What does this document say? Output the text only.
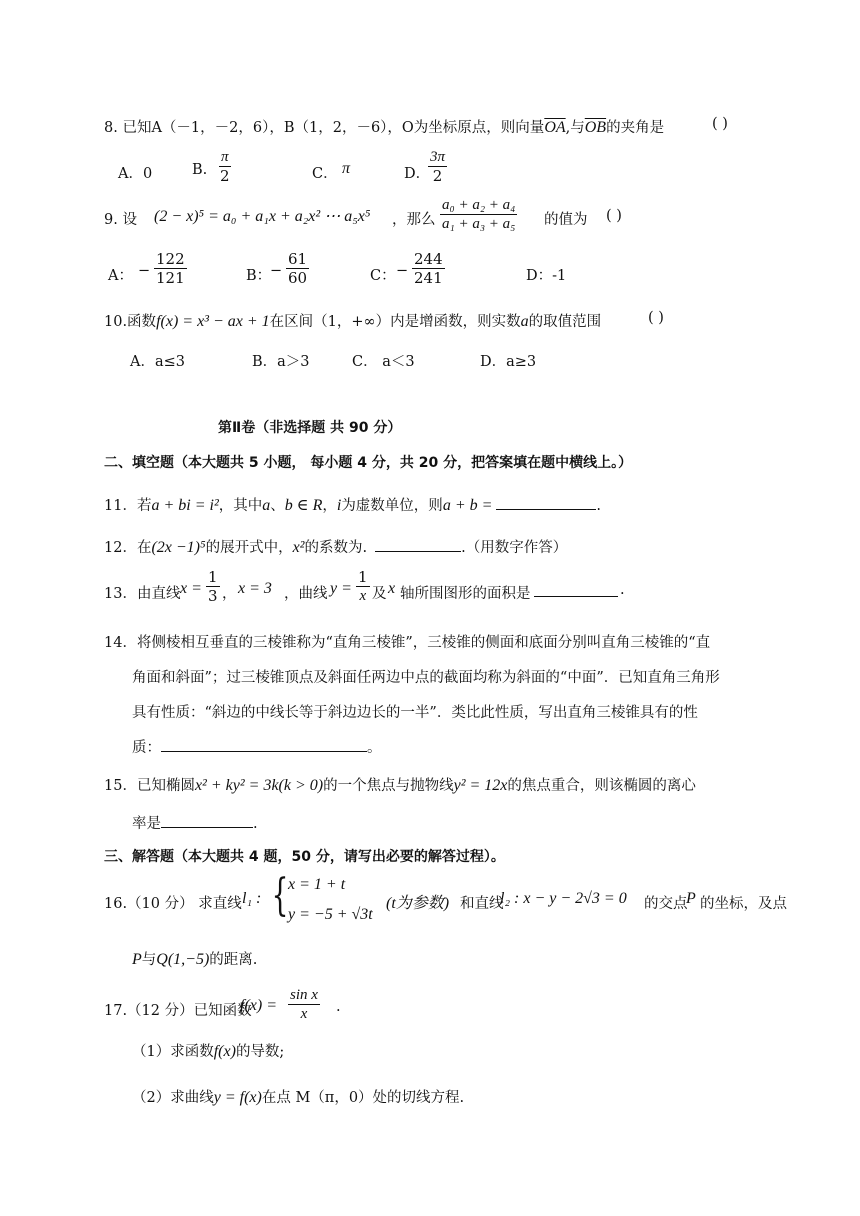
8. 已知A（－1，－2，6），B（1，2，－6），O为坐标原点，则向量$\overline{OA}$,与$\overline{OB}$的夹角是	( )
A．0	B. $\frac{\pi}{2}$	C． π	D．
$\frac{3\pi}{2}$
9. 设 (2 − x)⁵ = a₀ + a₁x + a₂x² ⋯ a₅x⁵ ，那么 $\frac{\text{a₀ + a₂ + a₄}}{\text{a₁ + a₃ + a₅}}$ 的值为 ( )
A： − $\frac{122}{121}$	B：
− $\frac{61}{60}$	C： − $\frac{244}{241}$	D：-1
10.函数f(x) = x³ − ax + 1在区间（1，+∞）内是增函数，则实数a的取值范围	( )
A．a≤3	B．a＞3	C． a＜3	D．a≥3
第Ⅱ卷（非选择题 共 90 分）
二、填空题（本大题共 5 小题， 每小题 4 分，共 20 分，把答案填在题中横线上。）
11．若a + bi = i²，其中a、b ∈ R，i为虚数单位，则a + b =	.
12．在(2x −1)⁵的展开式中，x²的系数为.	.（用数字作答）
13．由直线 $x = \frac{1}{3}$ ， x = 3 ，曲线 $y = \frac{1}{x}$ 及 x 轴所围图形的面积是	.
14．将侧棱相互垂直的三棱锥称为“直角三棱锥”，三棱锥的侧面和底面分别叫直角三棱锥的“直
角面和斜面”；过三棱锥顶点及斜面任两边中点的截面均称为斜面的“中面”．已知直角三角形
具有性质：“斜边的中线长等于斜边边长的一半”．类比此性质，写出直角三棱锥具有的性
质：	。
15．已知椭圆x² + ky² = 3k(k > 0)的一个焦点与抛物线y² = 12x的焦点重合，则该椭圆的离心
率是	.
三、解答题（本大题共 4 题，50 分，请写出必要的解答过程）。
16.（10 分） 求直线 l₁ : { x = 1 + t
y = −5 + √3t
(t为参数) 和直线
l₂ : x − y − 2√3 = 0 的交点
P 的坐标，及点
P与Q(1,−5)的距离.
17.（12 分）已知函数
$f(x) = \frac{\text{sin x}}{x}$ .
（1）求函数f(x)的导数;
（2）求曲线y = f(x)在点 M（π，0）处的切线方程.
